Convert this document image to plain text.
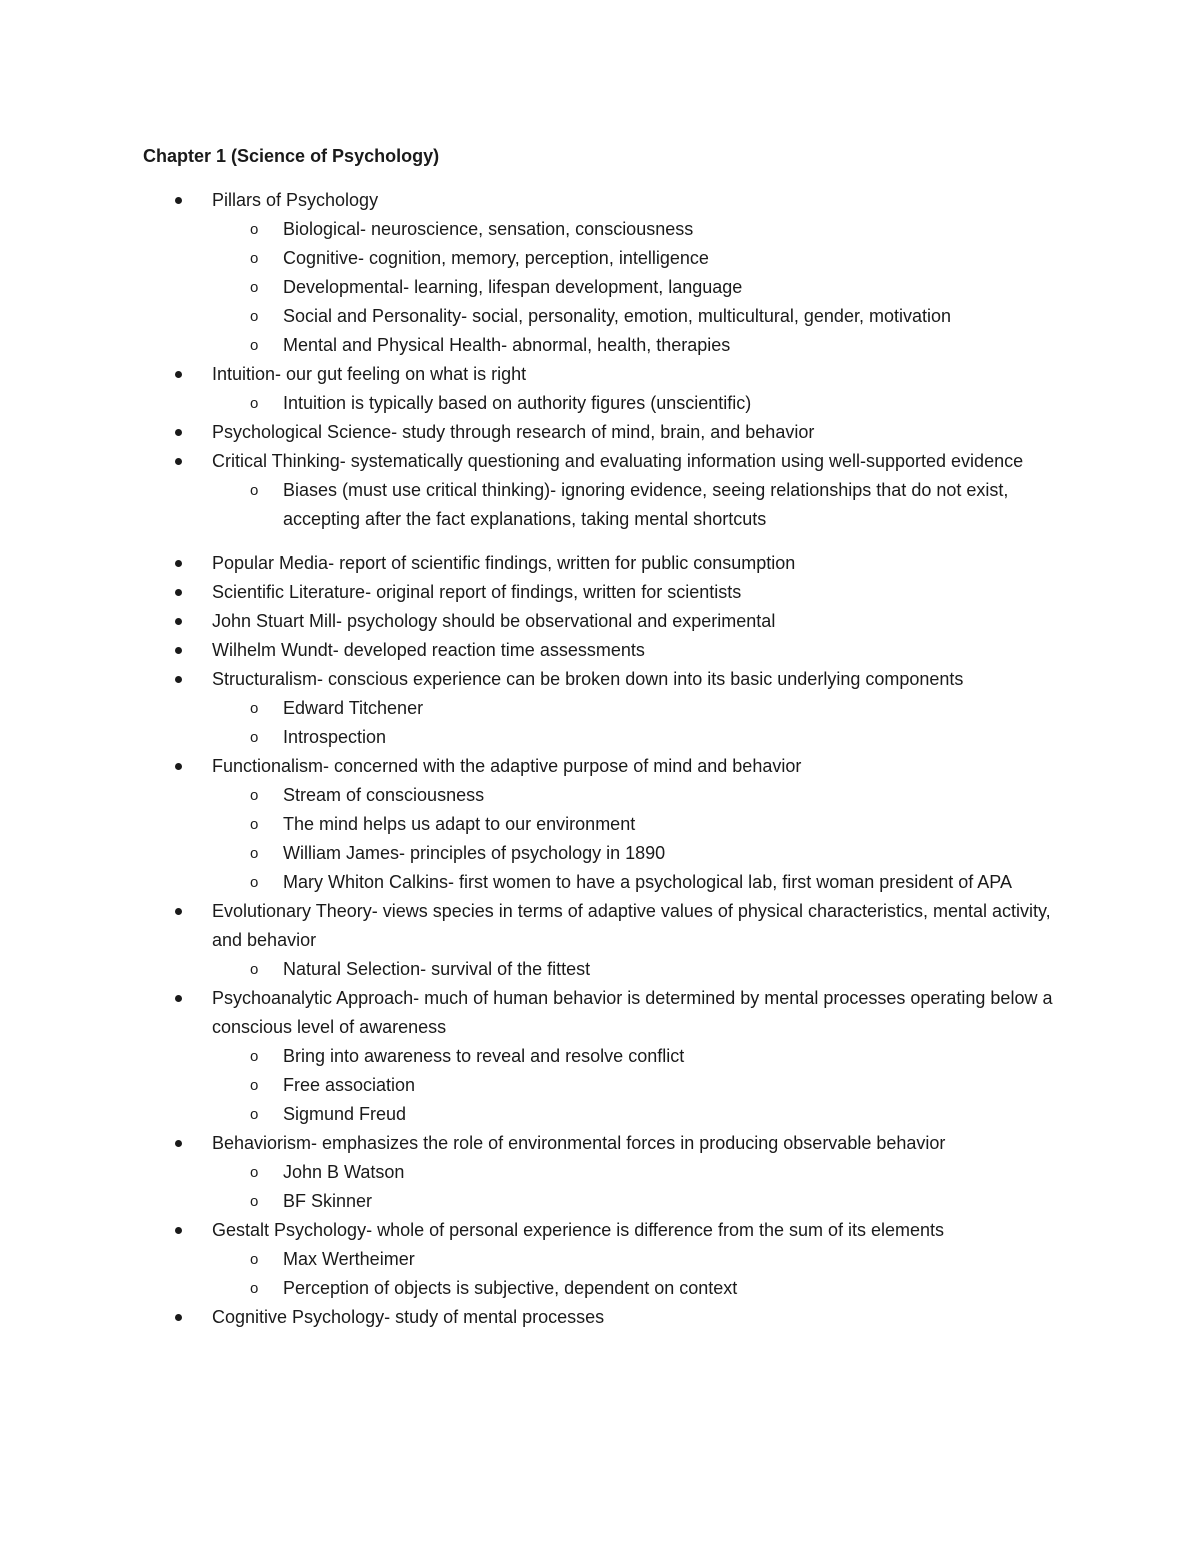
Chapter 1 (Science of Psychology)
Pillars of Psychology
o Biological- neuroscience, sensation, consciousness
o Cognitive- cognition, memory, perception, intelligence
o Developmental- learning, lifespan development, language
o Social and Personality- social, personality, emotion, multicultural, gender, motivation
o Mental and Physical Health- abnormal, health, therapies
Intuition- our gut feeling on what is right
o Intuition is typically based on authority figures (unscientific)
Psychological Science- study through research of mind, brain, and behavior
Critical Thinking- systematically questioning and evaluating information using well-supported evidence
o Biases (must use critical thinking)- ignoring evidence, seeing relationships that do not exist, accepting after the fact explanations, taking mental shortcuts
Popular Media- report of scientific findings, written for public consumption
Scientific Literature- original report of findings, written for scientists
John Stuart Mill- psychology should be observational and experimental
Wilhelm Wundt- developed reaction time assessments
Structuralism- conscious experience can be broken down into its basic underlying components
o Edward Titchener
o Introspection
Functionalism- concerned with the adaptive purpose of mind and behavior
o Stream of consciousness
o The mind helps us adapt to our environment
o William James- principles of psychology in 1890
o Mary Whiton Calkins- first women to have a psychological lab, first woman president of APA
Evolutionary Theory- views species in terms of adaptive values of physical characteristics, mental activity, and behavior
o Natural Selection- survival of the fittest
Psychoanalytic Approach- much of human behavior is determined by mental processes operating below a conscious level of awareness
o Bring into awareness to reveal and resolve conflict
o Free association
o Sigmund Freud
Behaviorism- emphasizes the role of environmental forces in producing observable behavior
o John B Watson
o BF Skinner
Gestalt Psychology- whole of personal experience is difference from the sum of its elements
o Max Wertheimer
o Perception of objects is subjective, dependent on context
Cognitive Psychology- study of mental processes
